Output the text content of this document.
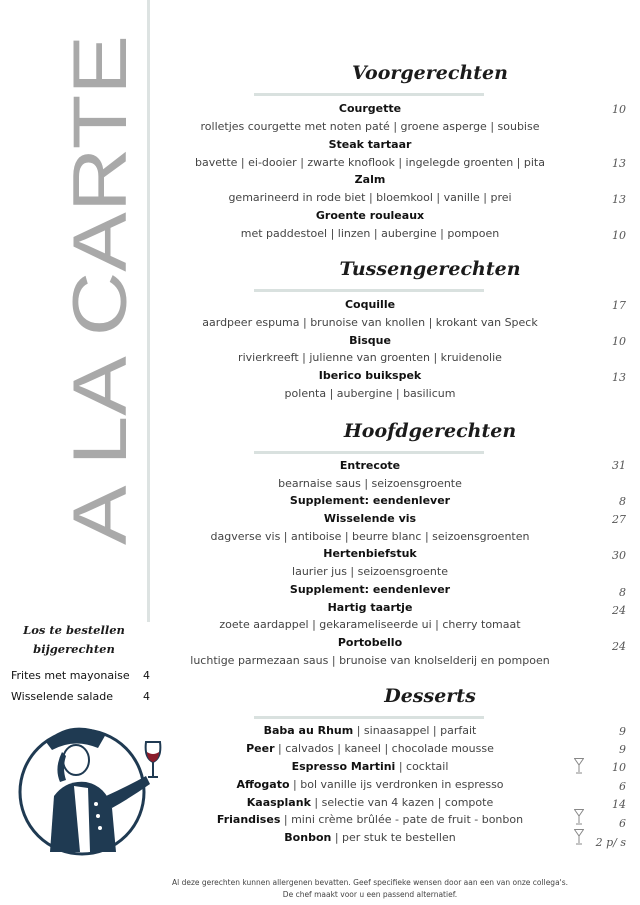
A LA CARTE
Voorgerechten
Courgette	10
rolletjes courgette met noten paté | groene asperge | soubise
Steak tartaar
bavette | ei-dooier | zwarte knoflook | ingelegde groenten | pita	13
Zalm
gemarineerd in rode biet | bloemkool | vanille | prei	13
Groente rouleaux
met paddestoel | linzen | aubergine | pompoen	10
Tussengerechten
Coquille	17
aardpeer espuma | brunoise van knollen | krokant van Speck
Bisque	10
rivierkreeft | julienne van groenten | kruidenolie
Iberico buikspek	13
polenta | aubergine | basilicum
Hoofdgerechten
Entrecote	31
bearnaise saus | seizoensgroente
Supplement: eendenlever	8
Wisselende vis	27
dagverse vis | antiboise | beurre blanc | seizoensgroenten
Hertenbiefstuk	30
laurier jus | seizoensgroente
Supplement: eendenlever	8
Hartig taartje	24
zoete aardappel | gekarameliseerde ui | cherry tomaat
Portobello	24
luchtige parmezaan saus | brunoise van knolselderij en pompoen
Desserts
Baba au Rhum | sinaasappel | parfait	9
Peer | calvados | kaneel | chocolade mousse	9
Espresso Martini | cocktail	10
Affogato | bol vanille ijs verdronken in espresso	6
Kaasplank | selectie van 4 kazen | compote	14
Friandises | mini crème brûlée - pate de fruit - bonbon	6
Bonbon | per stuk te bestellen	2 p/ s
Los te bestellen
bijgerechten
Frites met mayonaise 4
Wisselende salade	4
Al deze gerechten kunnen allergenen bevatten. Geef specifieke wensen door aan een van onze collega's.
De chef maakt voor u een passend alternatief.
